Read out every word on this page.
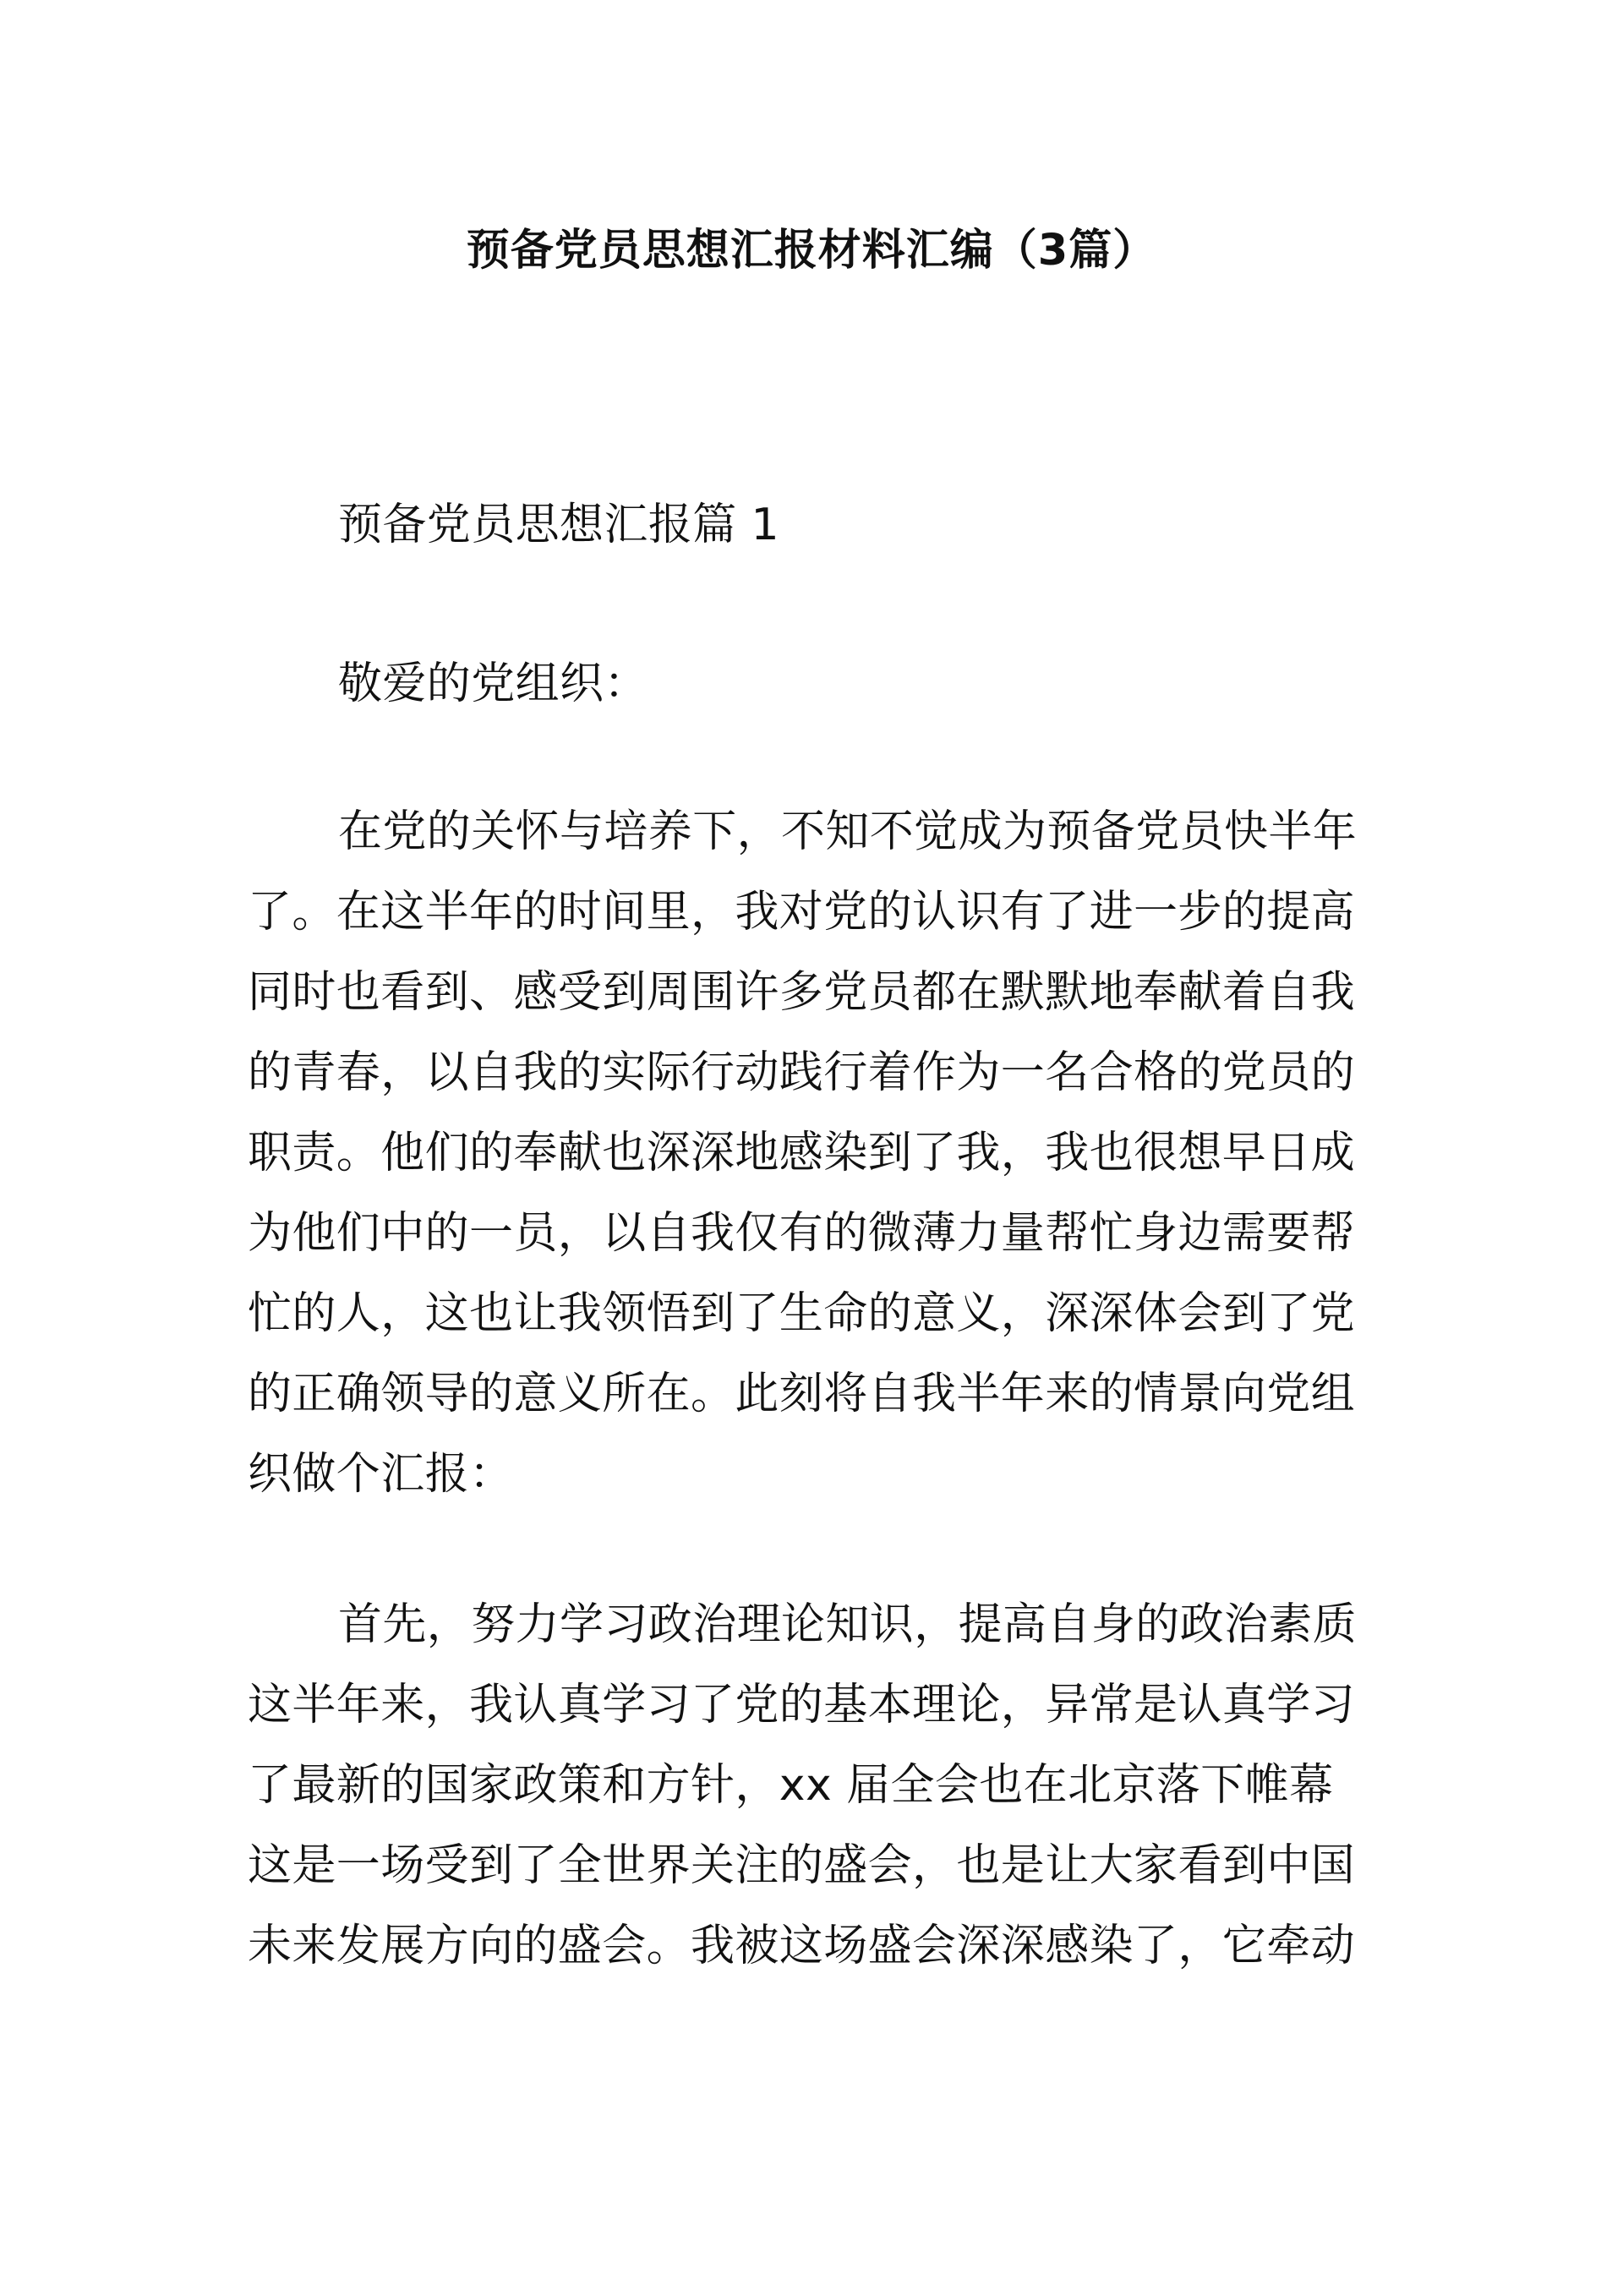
预备党员思想汇报材料汇编（3篇）
预备党员思想汇报篇 1
敬爱的党组织：
在党的关怀与培养下，不知不觉成为预备党员快半年
了。在这半年的时间里，我对党的认识有了进一步的提高
同时也看到、感受到周围许多党员都在默默地奉献着自我
的青春，以自我的实际行动践行着作为一名合格的党员的
职责。他们的奉献也深深地感染到了我，我也很想早日成
为他们中的一员，以自我仅有的微薄力量帮忙身边需要帮
忙的人，这也让我领悟到了生命的意义，深深体会到了党
的正确领导的意义所在。此刻将自我半年来的情景向党组
织做个汇报：
首先，努力学习政治理论知识，提高自身的政治素质
这半年来，我认真学习了党的基本理论，异常是认真学习
了最新的国家政策和方针，xx 届全会也在北京落下帷幕
这是一场受到了全世界关注的盛会，也是让大家看到中国
未来发展方向的盛会。我被这场盛会深深感染了，它牵动
